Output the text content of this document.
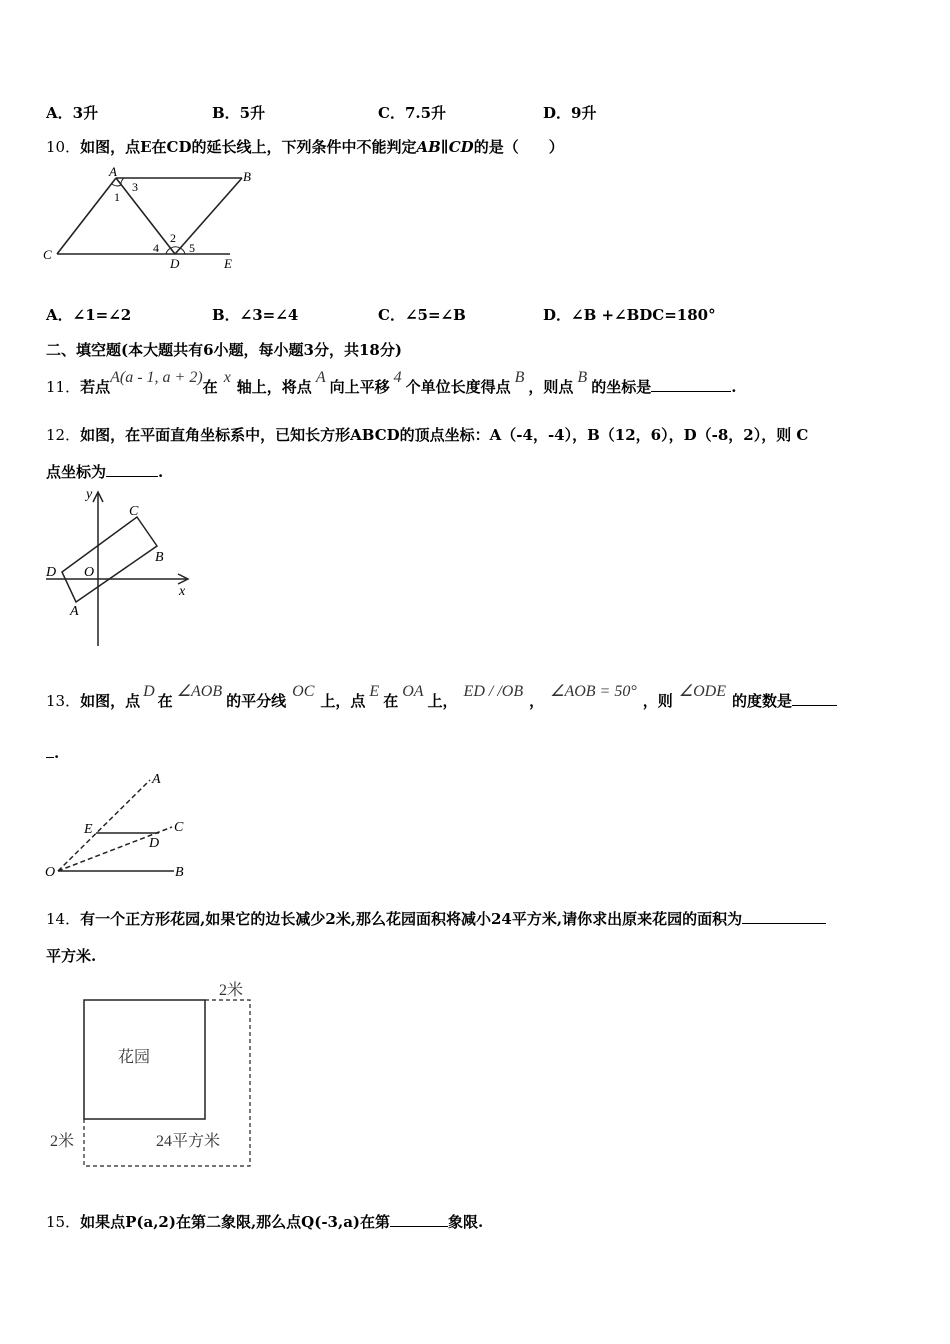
A．3升	B．5升	C．7.5升	D．9升
10．如图，点E在CD的延长线上，下列条件中不能判定AB∥CD的是（　　）
A	B
C
D	E
1
2
3
4	5
A．∠1=∠2	B．∠3=∠4	C．∠5=∠B	D．∠B +∠BDC=180°
二、填空题(本大题共有6小题，每小题3分，共18分)
11．若点A(a - 1, a + 2)在x轴上，将点A向上平移4个单位长度得点B，则点B的坐标是	.
12．如图，在平面直角坐标系中，已知长方形ABCD的顶点坐标：A（-4，-4），B（12，6），D（-8，2），则 C
点坐标为	.
y
x
O
A
B
C
D
13．如图，点D在∠AOB的平分线OC上，点E在OA上，ED / /OB，∠AOB = 50°，则∠ODE的度数是
.
A
B
C
D
E
O
14．有一个正方形花园,如果它的边长减少2米,那么花园面积将减小24平方米,请你求出原来花园的面积为
平方米.
花园
2米
2米	24平方米
15．如果点P(a,2)在第二象限,那么点Q(-3,a)在第	象限.
